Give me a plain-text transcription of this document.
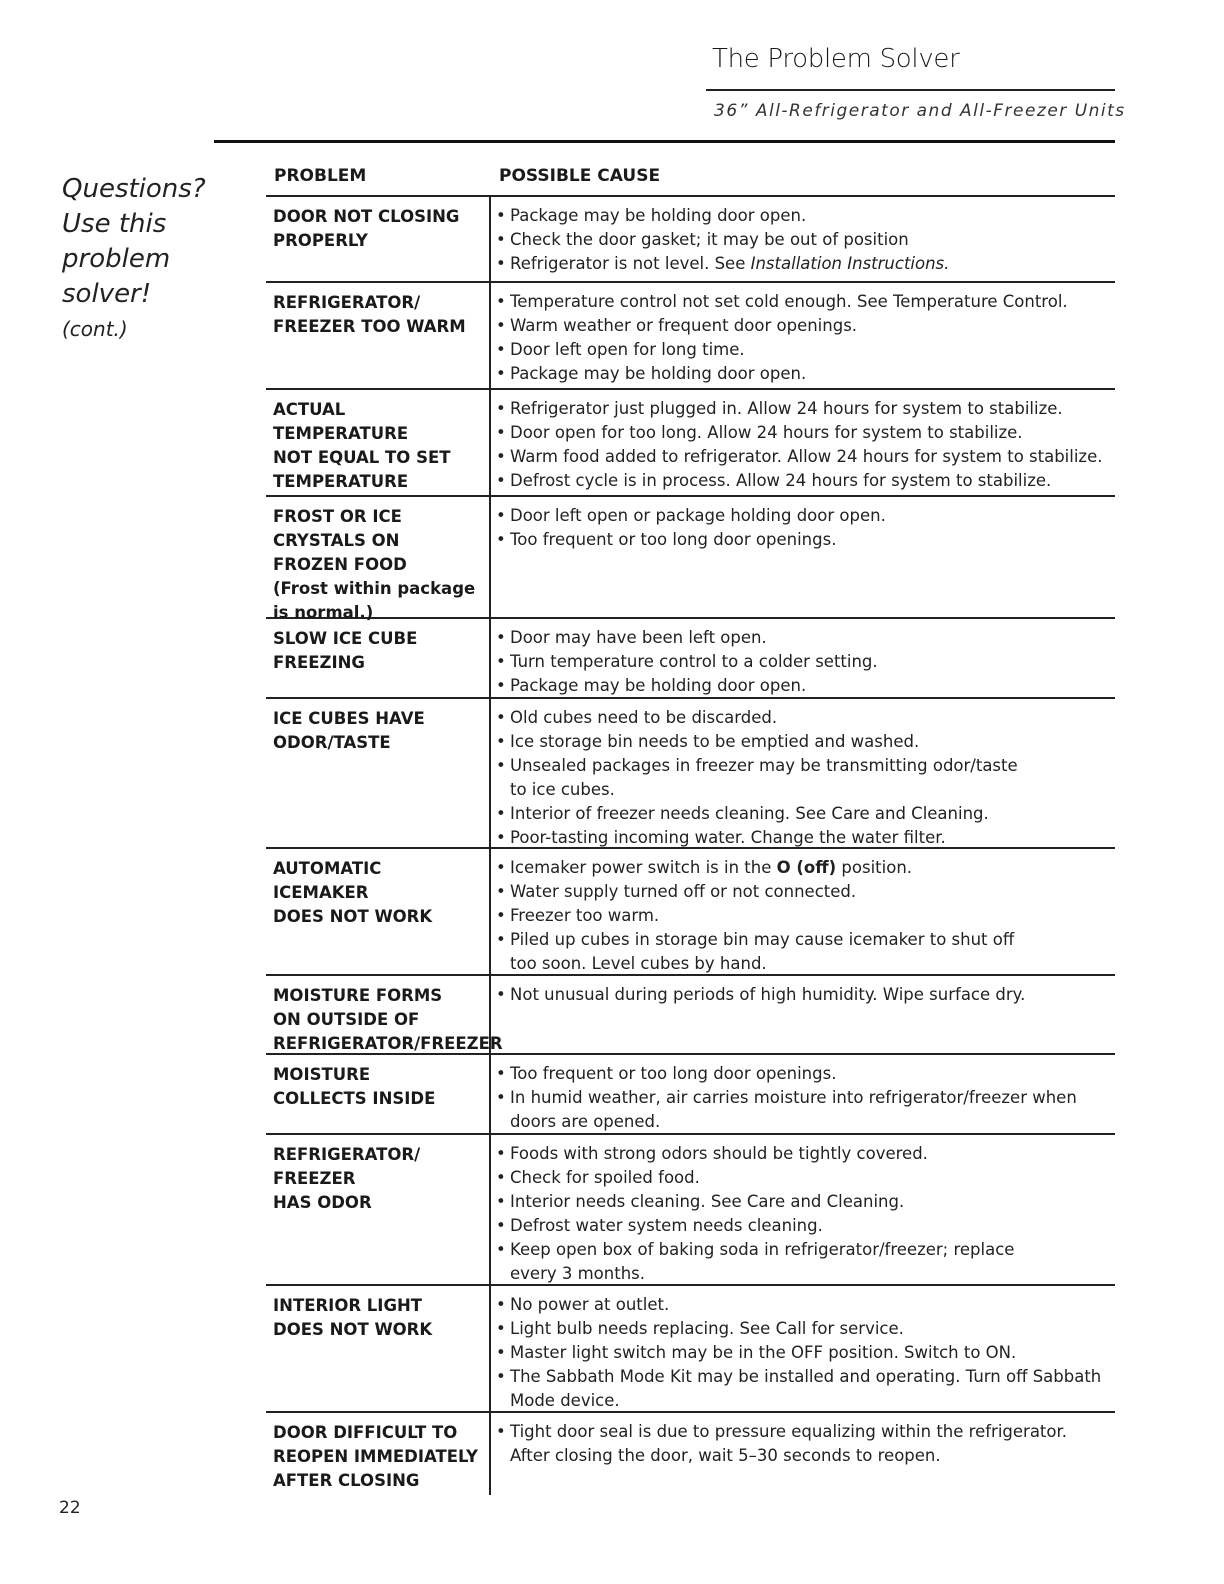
The Problem Solver
36” All-Refrigerator and All-Freezer Units
Questions?
Use this
problem
solver!
(cont.)
PROBLEM	POSSIBLE CAUSE
DOOR NOT CLOSING
PROPERLY
• Package may be holding door open.
• Check the door gasket; it may be out of position
• Refrigerator is not level. See Installation Instructions.
REFRIGERATOR/
FREEZER TOO WARM
• Temperature control not set cold enough. See Temperature Control.
• Warm weather or frequent door openings.
• Door left open for long time.
• Package may be holding door open.
ACTUAL TEMPERATURE
NOT EQUAL TO SET
TEMPERATURE
• Refrigerator just plugged in. Allow 24 hours for system to stabilize.
• Door open for too long. Allow 24 hours for system to stabilize.
• Warm food added to refrigerator. Allow 24 hours for system to stabilize.
• Defrost cycle is in process. Allow 24 hours for system to stabilize.
FROST OR ICE
CRYSTALS ON
FROZEN FOOD
(Frost within package
is normal.)
• Door left open or package holding door open.
• Too frequent or too long door openings.
SLOW ICE CUBE
FREEZING
• Door may have been left open.
• Turn temperature control to a colder setting.
• Package may be holding door open.
ICE CUBES HAVE
ODOR/TASTE
• Old cubes need to be discarded.
• Ice storage bin needs to be emptied and washed.
• Unsealed packages in freezer may be transmitting odor/taste
to ice cubes.
• Interior of freezer needs cleaning. See Care and Cleaning.
• Poor-tasting incoming water. Change the water filter.
AUTOMATIC
ICEMAKER
DOES NOT WORK
• Icemaker power switch is in the O (off) position.
• Water supply turned off or not connected.
• Freezer too warm.
• Piled up cubes in storage bin may cause icemaker to shut off
too soon. Level cubes by hand.
MOISTURE FORMS
ON OUTSIDE OF
REFRIGERATOR/FREEZER
• Not unusual during periods of high humidity. Wipe surface dry.
MOISTURE
COLLECTS INSIDE
• Too frequent or too long door openings.
• In humid weather, air carries moisture into refrigerator/freezer when
doors are opened.
REFRIGERATOR/
FREEZER
HAS ODOR
• Foods with strong odors should be tightly covered.
• Check for spoiled food.
• Interior needs cleaning. See Care and Cleaning.
• Defrost water system needs cleaning.
• Keep open box of baking soda in refrigerator/freezer; replace
every 3 months.
INTERIOR LIGHT
DOES NOT WORK
• No power at outlet.
• Light bulb needs replacing. See Call for service.
• Master light switch may be in the OFF position. Switch to ON.
• The Sabbath Mode Kit may be installed and operating. Turn off Sabbath
Mode device.
DOOR DIFFICULT TO
REOPEN IMMEDIATELY
AFTER CLOSING
• Tight door seal is due to pressure equalizing within the refrigerator.
After closing the door, wait 5–30 seconds to reopen.
22
